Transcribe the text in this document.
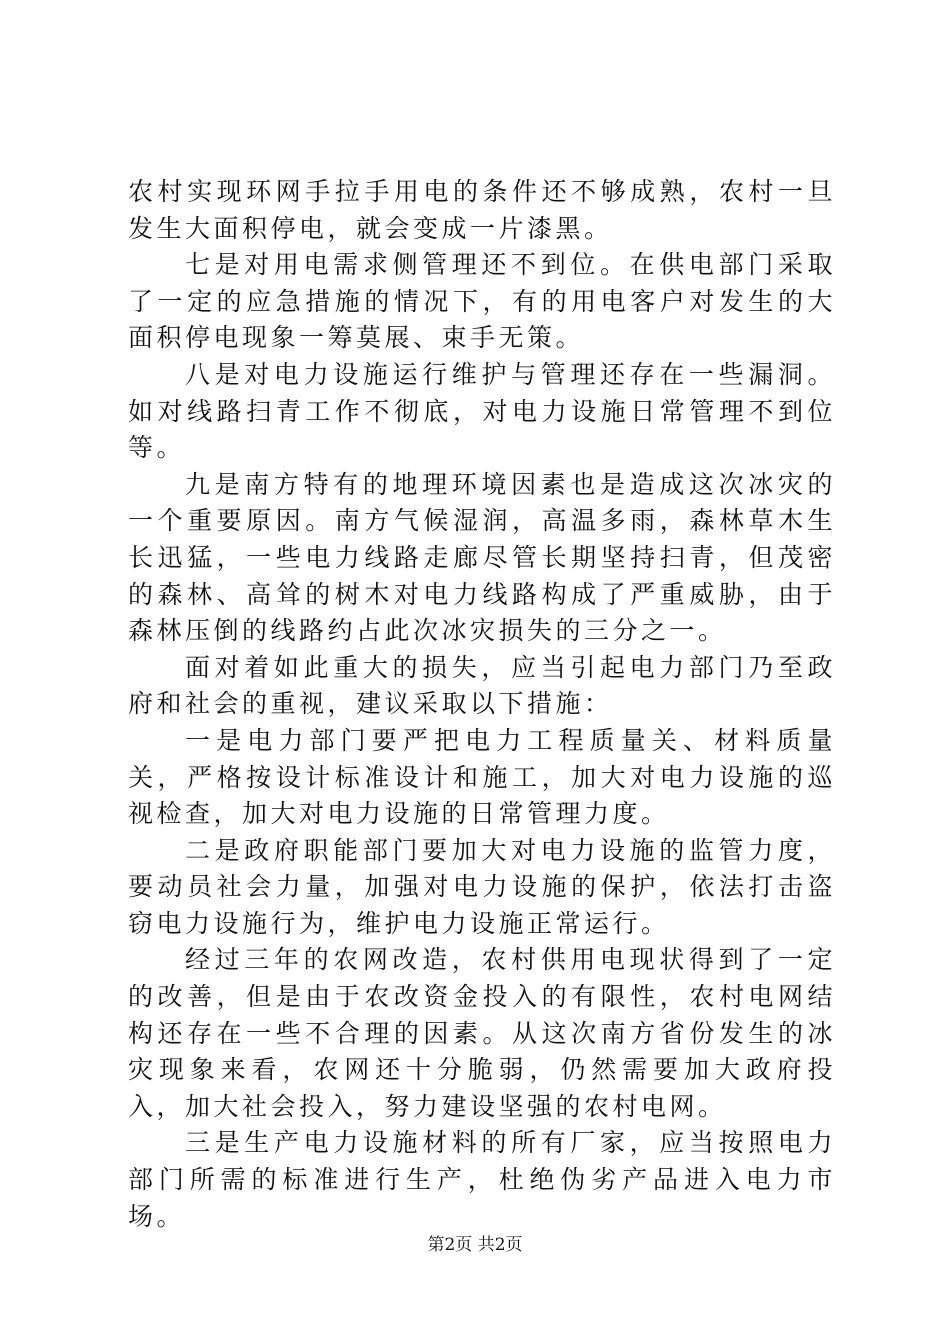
农村实现环网手拉手用电的条件还不够成熟，农村一旦发生大面积停电，就会变成一片漆黑。

七是对用电需求侧管理还不到位。在供电部门采取了一定的应急措施的情况下，有的用电客户对发生的大面积停电现象一筹莫展、束手无策。

八是对电力设施运行维护与管理还存在一些漏洞。如对线路扫青工作不彻底，对电力设施日常管理不到位等。

九是南方特有的地理环境因素也是造成这次冰灾的一个重要原因。南方气候湿润，高温多雨，森林草木生长迅猛，一些电力线路走廊尽管长期坚持扫青，但茂密的森林、高耸的树木对电力线路构成了严重威胁，由于森林压倒的线路约占此次冰灾损失的三分之一。

面对着如此重大的损失，应当引起电力部门乃至政府和社会的重视，建议采取以下措施：

一是电力部门要严把电力工程质量关、材料质量关，严格按设计标准设计和施工，加大对电力设施的巡视检查，加大对电力设施的日常管理力度。

二是政府职能部门要加大对电力设施的监管力度，要动员社会力量，加强对电力设施的保护，依法打击盗窃电力设施行为，维护电力设施正常运行。

经过三年的农网改造，农村供用电现状得到了一定的改善，但是由于农改资金投入的有限性，农村电网结构还存在一些不合理的因素。从这次南方省份发生的冰灾现象来看，农网还十分脆弱，仍然需要加大政府投入，加大社会投入，努力建设坚强的农村电网。

三是生产电力设施材料的所有厂家，应当按照电力部门所需的标准进行生产，杜绝伪劣产品进入电力市场。

第2页 共2页
